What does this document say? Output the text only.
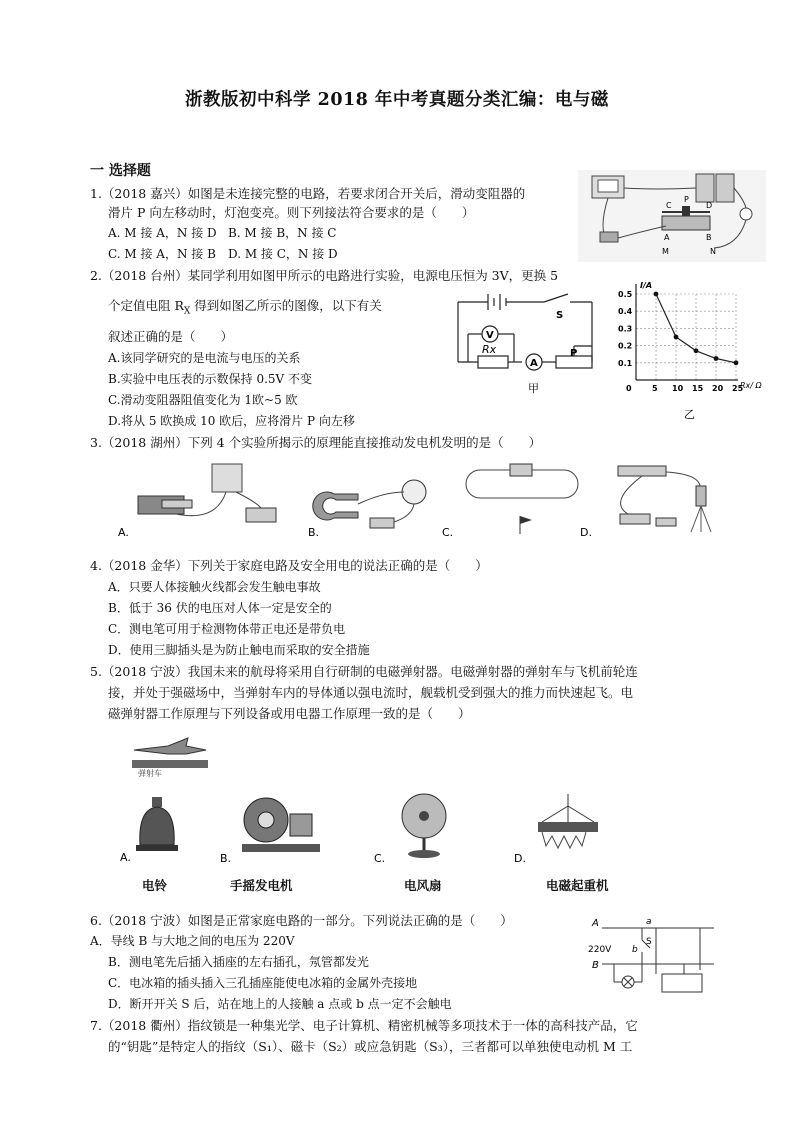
浙教版初中科学 2018 年中考真题分类汇编：电与磁
一 选择题
1.（2018 嘉兴）如图是未连接完整的电路，若要求闭合开关后，滑动变阻器的
滑片 P 向左移动时，灯泡变亮。则下列接法符合要求的是（　　）
A. M 接 A，N 接 D B. M 接 B，N 接 C
C. M 接 A，N 接 B D. M 接 C，N 接 D
C
P
D
A	B
M	N
2.（2018 台州）某同学利用如图甲所示的电路进行实验，电源电压恒为 3V，更换 5
个定值电阻 $R_X$ 得到如图乙所示的图像，以下有关
叙述正确的是（　　）
A.该同学研究的是电流与电压的关系
B.实验中电压表的示数保持 0.5V 不变
C.滑动变阻器阻值变化为 1欧~5 欧
D.将从 5 欧换成 10 欧后，应将滑片 P 向左移
V
A
S
P
Rx
甲
I/A
Rx/ Ω
0.5
0.4
0.3
0.2
0.1
0	5 10 15 20 25
乙
3.（2018 湖州）下列 4 个实验所揭示的原理能直接推动发电机发明的是（　　）
A.	B.	C.	D.
4.（2018 金华）下列关于家庭电路及安全用电的说法正确的是（　　）
A．只要人体接触火线都会发生触电事故
B．低于 36 伏的电压对人体一定是安全的
C．测电笔可用于检测物体带正电还是带负电
D．使用三脚插头是为防止触电而采取的安全措施
5.（2018 宁波）我国未来的航母将采用自行研制的电磁弹射器。电磁弹射器的弹射车与飞机前轮连
接，并处于强磁场中，当弹射车内的导体通以强电流时，舰载机受到强大的推力而快速起飞。电
磁弹射器工作原理与下列设备或用电器工作原理一致的是（　　）
弹射车
A.	B.	C.	D.
电铃	手摇发电机	电风扇	电磁起重机
6.（2018 宁波）如图是正常家庭电路的一部分。下列说法正确的是（　　）
A．导线 B 与大地之间的电压为 220V
B．测电笔先后插入插座的左右插孔，氖管都发光
C．电冰箱的插头插入三孔插座能使电冰箱的金属外壳接地
D．断开开关 S 后，站在地上的人接触 a 点或 b 点一定不会触电
A
B
220V
a
b
S
7.（2018 衢州）指纹锁是一种集光学、电子计算机、精密机械等多项技术于一体的高科技产品，它
的“钥匙”是特定人的指纹（S₁）、磁卡（S₂）或应急钥匙（S₃），三者都可以单独使电动机 M 工
